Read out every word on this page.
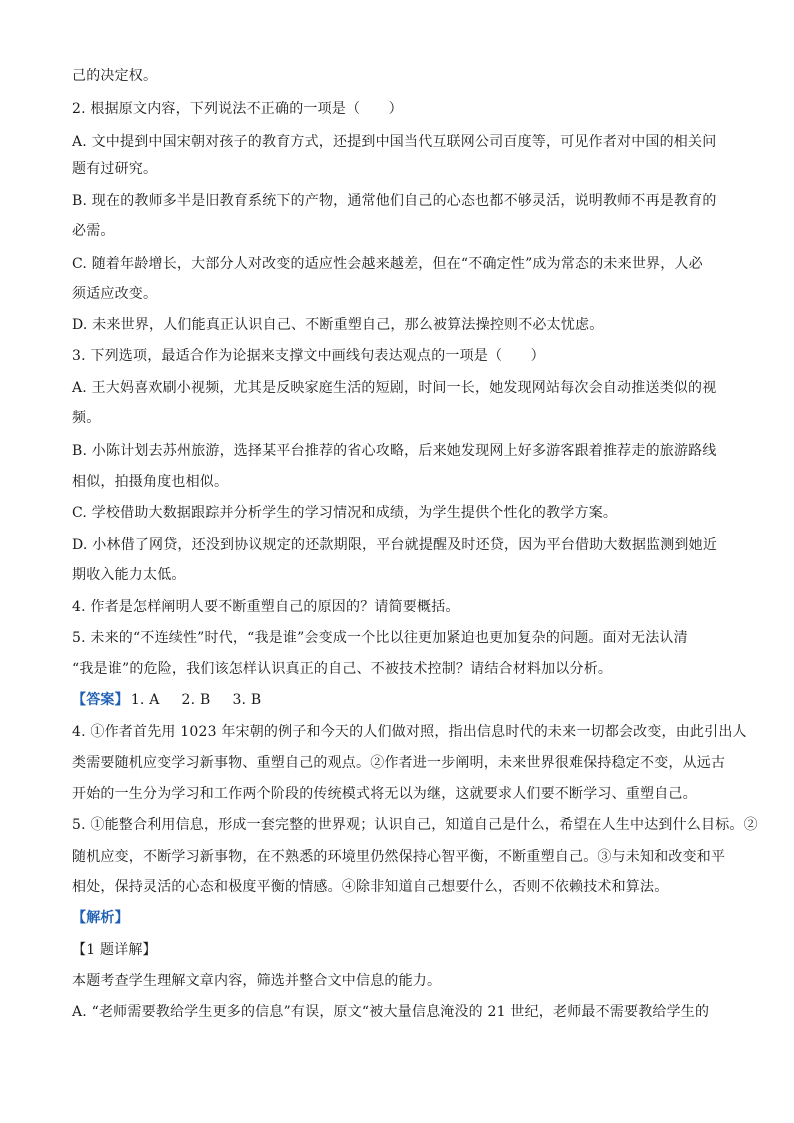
己的决定权。
2. 根据原文内容，下列说法不正确的一项是（　　）
A. 文中提到中国宋朝对孩子的教育方式，还提到中国当代互联网公司百度等，可见作者对中国的相关问
题有过研究。
B. 现在的教师多半是旧教育系统下的产物，通常他们自己的心态也都不够灵活，说明教师不再是教育的
必需。
C. 随着年龄增长，大部分人对改变的适应性会越来越差，但在“不确定性”成为常态的未来世界，人必
须适应改变。
D. 未来世界，人们能真正认识自己、不断重塑自己，那么被算法操控则不必太忧虑。
3. 下列选项，最适合作为论据来支撑文中画线句表达观点的一项是（　　）
A. 王大妈喜欢刷小视频，尤其是反映家庭生活的短剧，时间一长，她发现网站每次会自动推送类似的视
频。
B. 小陈计划去苏州旅游，选择某平台推荐的省心攻略，后来她发现网上好多游客跟着推荐走的旅游路线
相似，拍摄角度也相似。
C. 学校借助大数据跟踪并分析学生的学习情况和成绩，为学生提供个性化的教学方案。
D. 小林借了网贷，还没到协议规定的还款期限，平台就提醒及时还贷，因为平台借助大数据监测到她近
期收入能力太低。
4. 作者是怎样阐明人要不断重塑自己的原因的？请简要概括。
5. 未来的“不连续性”时代，“我是谁”会变成一个比以往更加紧迫也更加复杂的问题。面对无法认清
“我是谁”的危险，我们该怎样认识真正的自己、不被技术控制？请结合材料加以分析。
【答案】 1. A 2. B 3. B
4. ①作者首先用 1023 年宋朝的例子和今天的人们做对照，指出信息时代的未来一切都会改变，由此引出人
类需要随机应变学习新事物、重塑自己的观点。②作者进一步阐明，未来世界很难保持稳定不变，从远古
开始的一生分为学习和工作两个阶段的传统模式将无以为继，这就要求人们要不断学习、重塑自己。
5. ①能整合利用信息，形成一套完整的世界观；认识自己，知道自己是什么，希望在人生中达到什么目标。②
随机应变，不断学习新事物，在不熟悉的环境里仍然保持心智平衡，不断重塑自己。③与未知和改变和平
相处，保持灵活的心态和极度平衡的情感。④除非知道自己想要什么，否则不依赖技术和算法。
【解析】
【1 题详解】
本题考查学生理解文章内容，筛选并整合文中信息的能力。
A. “老师需要教给学生更多的信息”有误，原文“被大量信息淹没的 21 世纪，老师最不需要教给学生的
